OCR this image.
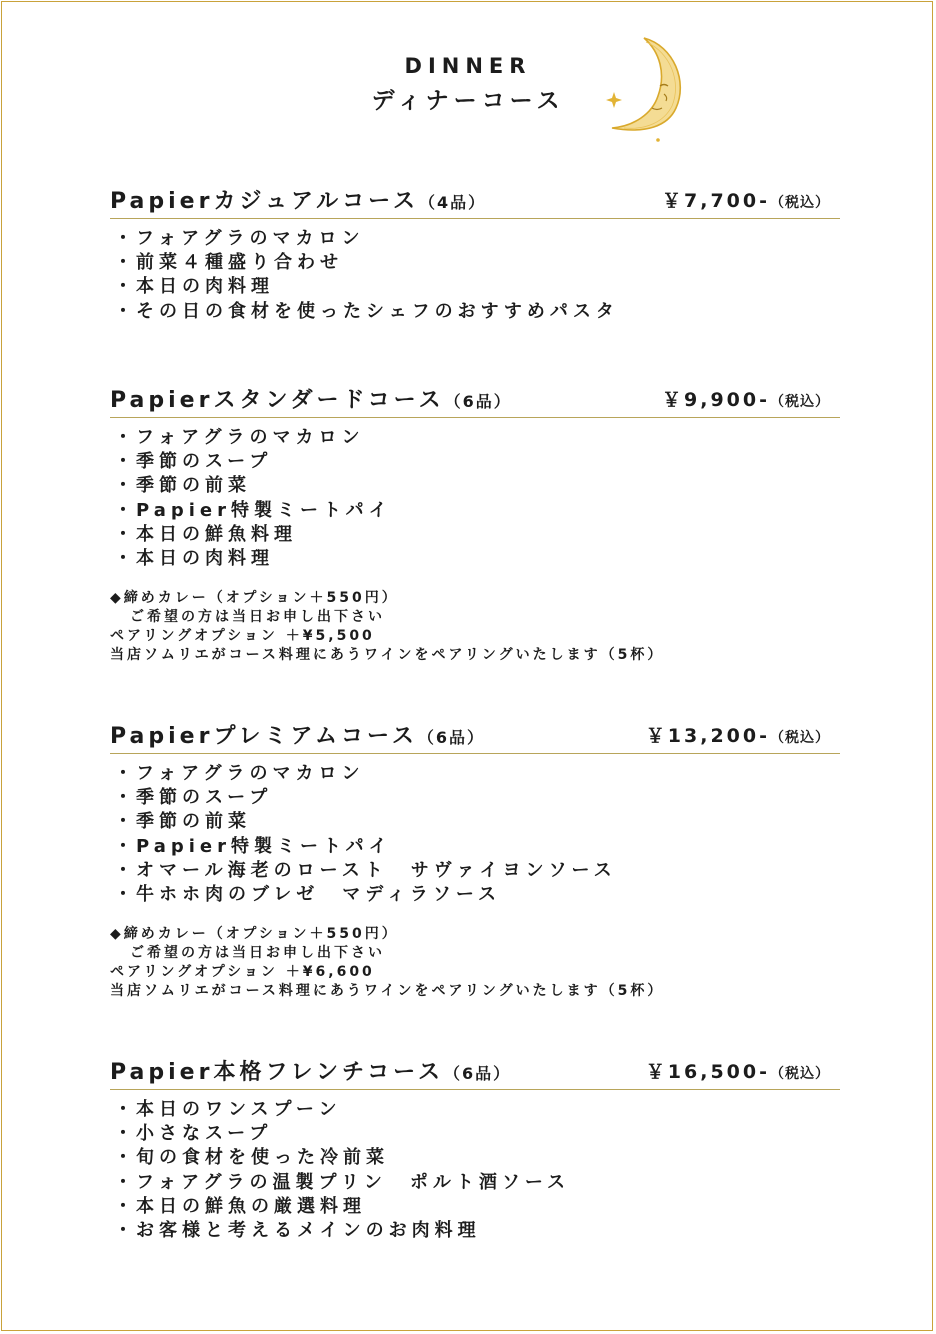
DINNER
ディナーコース
Papierカジュアルコース（4品）	￥7,700-（税込）
・ フォアグラのマカロン
・ 前菜４種盛り合わせ
・ 本日の肉料理
・ その日の食材を使ったシェフのおすすめパスタ
Papierスタンダードコース（6品）	￥9,900-（税込）
・ フォアグラのマカロン
・ 季節のスープ
・ 季節の前菜
・ Papier特製ミートパイ
・ 本日の鮮魚料理
・ 本日の肉料理
◆締めカレー（オプション＋550円）
ご希望の方は当日お申し出下さい
ペアリングオプション ＋¥5,500
当店ソムリエがコース料理にあうワインをペアリングいたします（5杯）
Papierプレミアムコース（6品）	￥13,200-（税込）
・ フォアグラのマカロン
・ 季節のスープ
・ 季節の前菜
・ Papier特製ミートパイ
・ オマール海老のロースト　サヴァイヨンソース
・ 牛ホホ肉のブレゼ　マディラソース
◆締めカレー（オプション＋550円）
ご希望の方は当日お申し出下さい
ペアリングオプション ＋¥6,600
当店ソムリエがコース料理にあうワインをペアリングいたします（5杯）
Papier本格フレンチコース（6品）	￥16,500-（税込）
・ 本日のワンスプーン
・ 小さなスープ
・ 旬の食材を使った冷前菜
・ フォアグラの温製プリン　ポルト酒ソース
・ 本日の鮮魚の厳選料理
・ お客様と考えるメインのお肉料理
